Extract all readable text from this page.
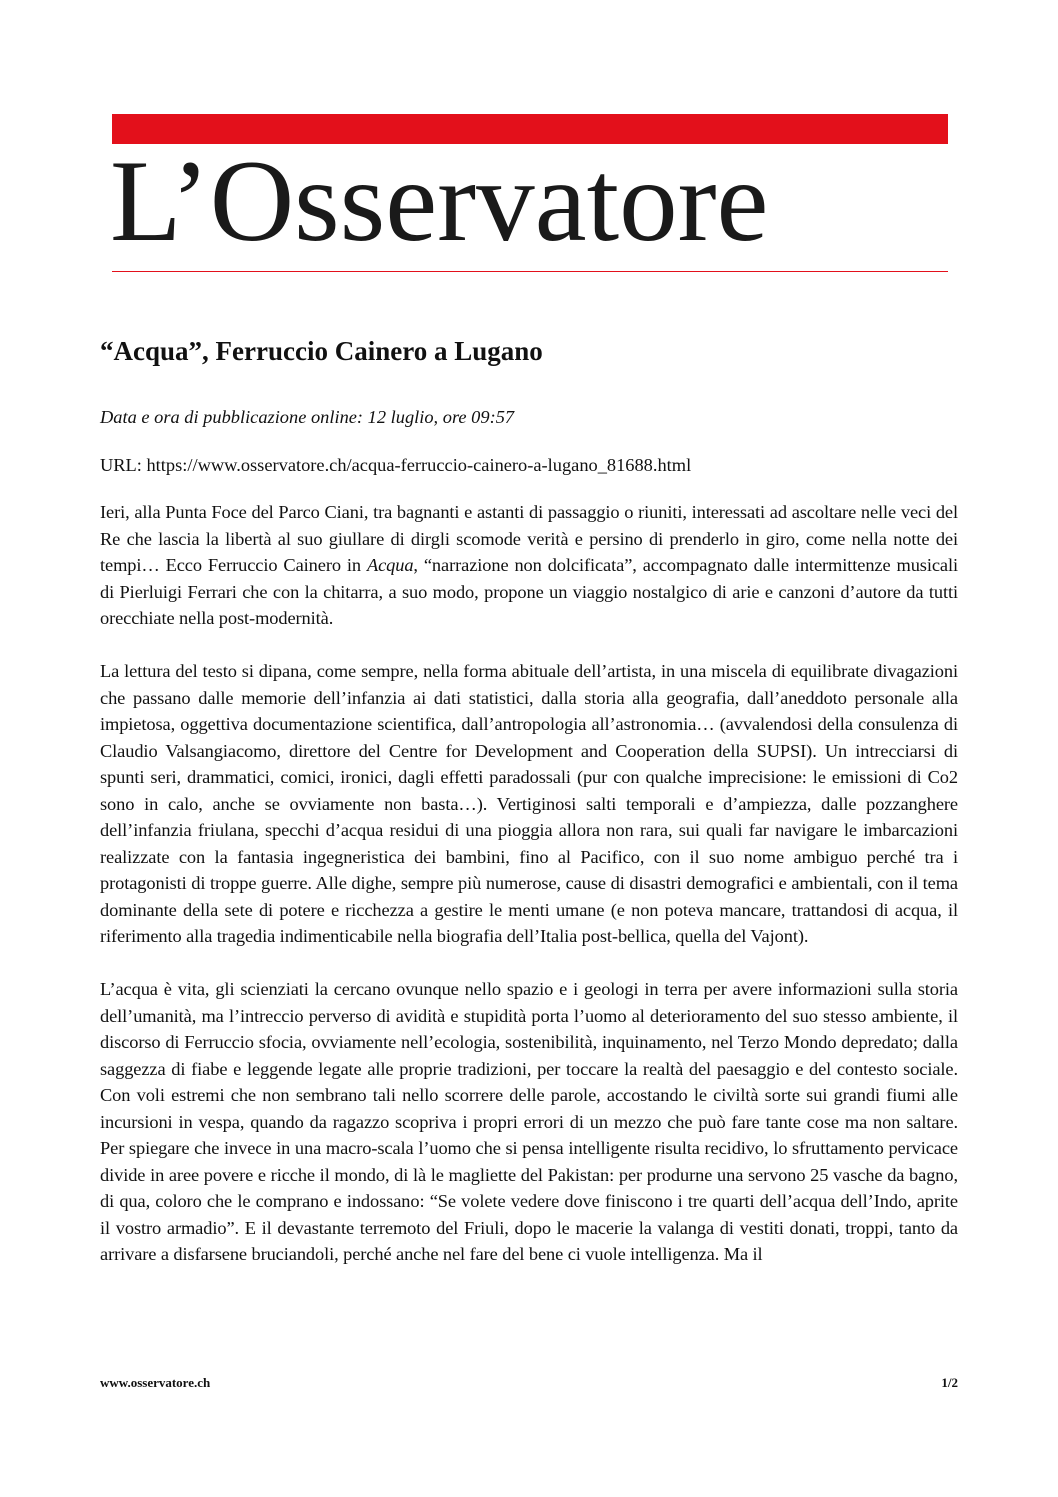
L’Osservatore
“Acqua”, Ferruccio Cainero a Lugano

Data e ora di pubblicazione online: 12 luglio, ore 09:57

URL: https://www.osservatore.ch/acqua-ferruccio-cainero-a-lugano_81688.html

Ieri, alla Punta Foce del Parco Ciani, tra bagnanti e astanti di passaggio o riuniti, interessati ad ascoltare nelle veci del Re che lascia la libertà al suo giullare di dirgli scomode verità e persino di prenderlo in giro, come nella notte dei tempi… Ecco Ferruccio Cainero in Acqua, “narrazione non dolcificata”, accompagnato dalle intermittenze musicali di Pierluigi Ferrari che con la chitarra, a suo modo, propone un viaggio nostalgico di arie e canzoni d’autore da tutti orecchiate nella post-modernità.

La lettura del testo si dipana, come sempre, nella forma abituale dell’artista, in una miscela di equilibrate divagazioni che passano dalle memorie dell’infanzia ai dati statistici, dalla storia alla geografia, dall’aneddoto personale alla impietosa, oggettiva documentazione scientifica, dall’antropologia all’astronomia… (avvalendosi della consulenza di Claudio Valsangiacomo, direttore del Centre for Development and Cooperation della SUPSI). Un intrecciarsi di spunti seri, drammatici, comici, ironici, dagli effetti paradossali (pur con qualche imprecisione: le emissioni di Co2 sono in calo, anche se ovviamente non basta…). Vertiginosi salti temporali e d’ampiezza, dalle pozzanghere dell’infanzia friulana, specchi d’acqua residui di una pioggia allora non rara, sui quali far navigare le imbarcazioni realizzate con la fantasia ingegneristica dei bambini, fino al Pacifico, con il suo nome ambiguo perché tra i protagonisti di troppe guerre. Alle dighe, sempre più numerose, cause di disastri demografici e ambientali, con il tema dominante della sete di potere e ricchezza a gestire le menti umane (e non poteva mancare, trattandosi di acqua, il riferimento alla tragedia indimenticabile nella biografia dell’Italia post-bellica, quella del Vajont).

L’acqua è vita, gli scienziati la cercano ovunque nello spazio e i geologi in terra per avere informazioni sulla storia dell’umanità, ma l’intreccio perverso di avidità e stupidità porta l’uomo al deterioramento del suo stesso ambiente, il discorso di Ferruccio sfocia, ovviamente nell’ecologia, sostenibilità, inquinamento, nel Terzo Mondo depredato; dalla saggezza di fiabe e leggende legate alle proprie tradizioni, per toccare la realtà del paesaggio e del contesto sociale. Con voli estremi che non sembrano tali nello scorrere delle parole, accostando le civiltà sorte sui grandi fiumi alle incursioni in vespa, quando da ragazzo scopriva i propri errori di un mezzo che può fare tante cose ma non saltare. Per spiegare che invece in una macro-scala l’uomo che si pensa intelligente risulta recidivo, lo sfruttamento pervicace divide in aree povere e ricche il mondo, di là le magliette del Pakistan: per produrne una servono 25 vasche da bagno, di qua, coloro che le comprano e indossano: “Se volete vedere dove finiscono i tre quarti dell’acqua dell’Indo, aprite il vostro armadio”. E il devastante terremoto del Friuli, dopo le macerie la valanga di vestiti donati, troppi, tanto da arrivare a disfarsene bruciandoli, perché anche nel fare del bene ci vuole intelligenza. Ma il

www.osservatore.ch	1/2
